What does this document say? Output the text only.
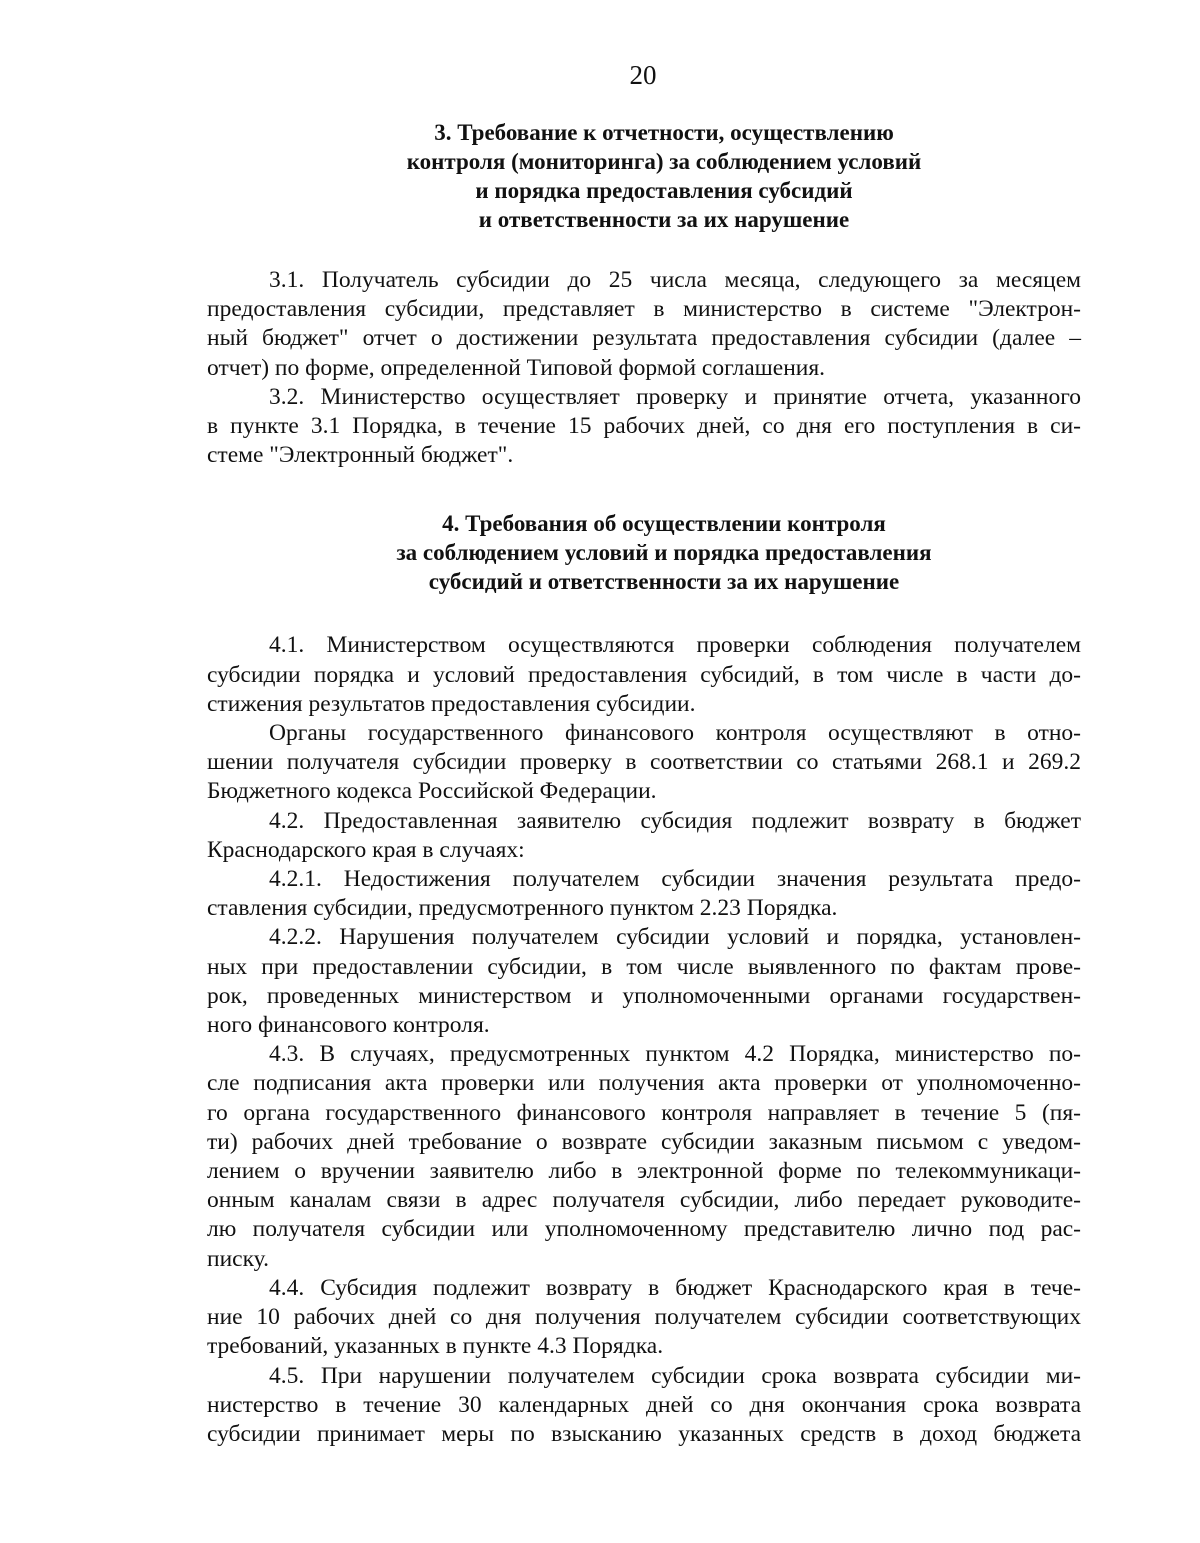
20
3. Требование к отчетности, осуществлению
контроля (мониторинга) за соблюдением условий
и порядка предоставления субсидий
и ответственности за их нарушение

3.1. Получатель субсидии до 25 числа месяца, следующего за месяцем
предоставления субсидии, представляет в министерство в системе "Электрон-
ный бюджет" отчет о достижении результата предоставления субсидии (далее –
отчет) по форме, определенной Типовой формой соглашения.

3.2. Министерство осуществляет проверку и принятие отчета, указанного
в пункте 3.1 Порядка, в течение 15 рабочих дней, со дня его поступления в си-
стеме "Электронный бюджет".

4. Требования об осуществлении контроля
за соблюдением условий и порядка предоставления
субсидий и ответственности за их нарушение

4.1. Министерством осуществляются проверки соблюдения получателем
субсидии порядка и условий предоставления субсидий, в том числе в части до-
стижения результатов предоставления субсидии.

Органы государственного финансового контроля осуществляют в отно-
шении получателя субсидии проверку в соответствии со статьями 268.1 и 269.2
Бюджетного кодекса Российской Федерации.

4.2. Предоставленная заявителю субсидия подлежит возврату в бюджет
Краснодарского края в случаях:

4.2.1. Недостижения получателем субсидии значения результата предо-
ставления субсидии, предусмотренного пунктом 2.23 Порядка.

4.2.2. Нарушения получателем субсидии условий и порядка, установлен-
ных при предоставлении субсидии, в том числе выявленного по фактам прове-
рок, проведенных министерством и уполномоченными органами государствен-
ного финансового контроля.

4.3. В случаях, предусмотренных пунктом 4.2 Порядка, министерство по-
сле подписания акта проверки или получения акта проверки от уполномоченно-
го органа государственного финансового контроля направляет в течение 5 (пя-
ти) рабочих дней требование о возврате субсидии заказным письмом с уведом-
лением о вручении заявителю либо в электронной форме по телекоммуникаци-
онным каналам связи в адрес получателя субсидии, либо передает руководите-
лю получателя субсидии или уполномоченному представителю лично под рас-
писку.

4.4. Субсидия подлежит возврату в бюджет Краснодарского края в тече-
ние 10 рабочих дней со дня получения получателем субсидии соответствующих
требований, указанных в пункте 4.3 Порядка.

4.5. При нарушении получателем субсидии срока возврата субсидии ми-
нистерство в течение 30 календарных дней со дня окончания срока возврата
субсидии принимает меры по взысканию указанных средств в доход бюджета
